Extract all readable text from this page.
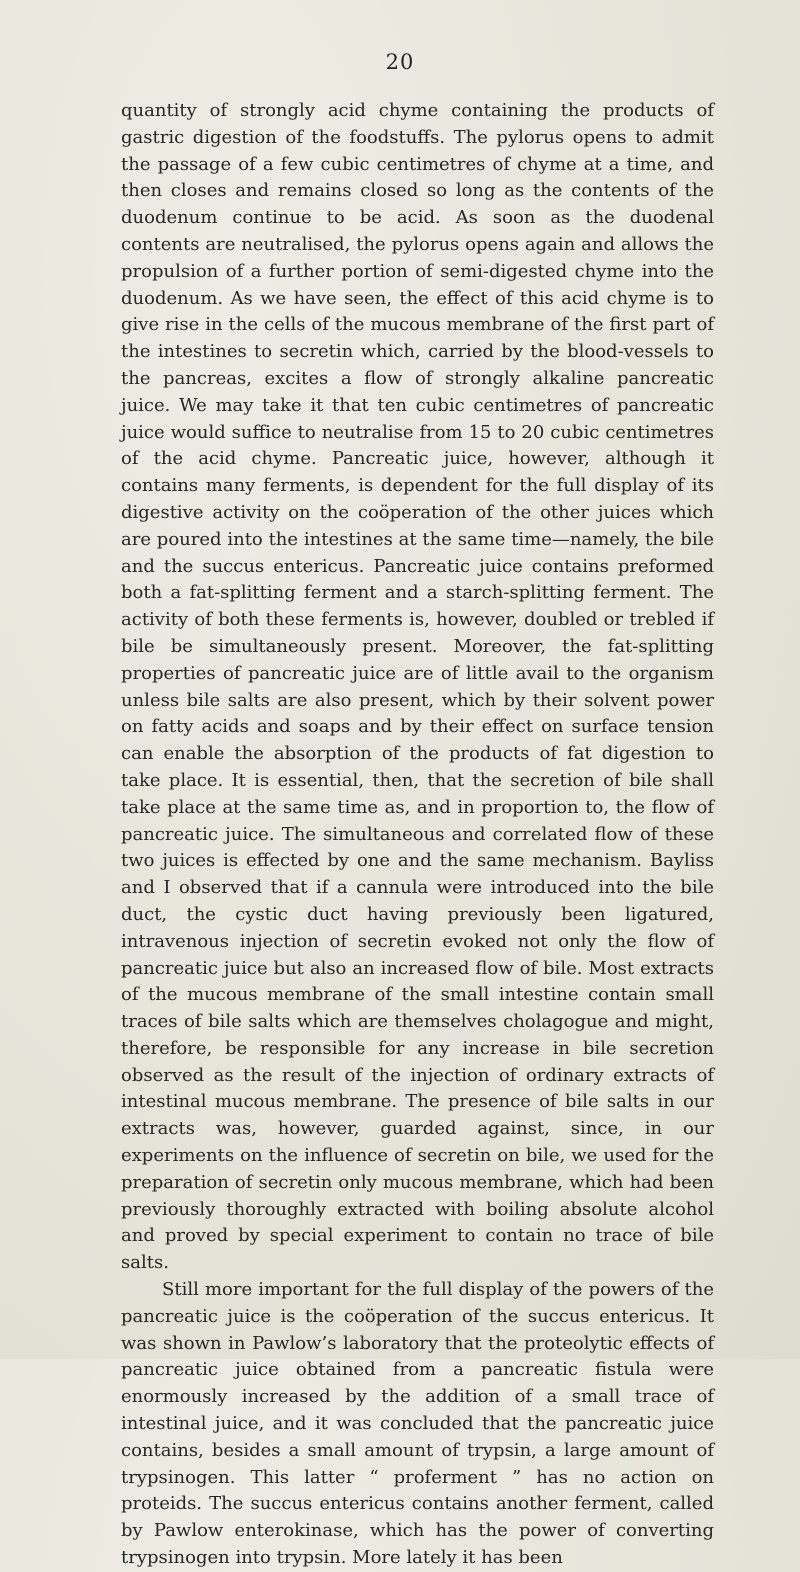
20

quantity of strongly acid chyme containing the products of gastric digestion of the foodstuffs. The pylorus opens to admit the passage of a few cubic centimetres of chyme at a time, and then closes and remains closed so long as the contents of the duodenum continue to be acid. As soon as the duodenal contents are neutralised, the pylorus opens again and allows the propulsion of a further portion of semi-digested chyme into the duodenum. As we have seen, the effect of this acid chyme is to give rise in the cells of the mucous membrane of the first part of the intestines to secretin which, carried by the blood-vessels to the pancreas, excites a flow of strongly alkaline pancreatic juice. We may take it that ten cubic centimetres of pancreatic juice would suffice to neutralise from 15 to 20 cubic centimetres of the acid chyme. Pancreatic juice, however, although it contains many ferments, is dependent for the full display of its digestive activity on the coöperation of the other juices which are poured into the intestines at the same time—namely, the bile and the succus entericus. Pancreatic juice contains preformed both a fat-splitting ferment and a starch-splitting ferment. The activity of both these ferments is, however, doubled or trebled if bile be simultaneously present. Moreover, the fat-splitting properties of pancreatic juice are of little avail to the organism unless bile salts are also present, which by their solvent power on fatty acids and soaps and by their effect on surface tension can enable the absorption of the products of fat digestion to take place. It is essential, then, that the secretion of bile shall take place at the same time as, and in proportion to, the flow of pancreatic juice. The simultaneous and correlated flow of these two juices is effected by one and the same mechanism. Bayliss and I observed that if a cannula were introduced into the bile duct, the cystic duct having previously been ligatured, intravenous injection of secretin evoked not only the flow of pancreatic juice but also an increased flow of bile. Most extracts of the mucous membrane of the small intestine contain small traces of bile salts which are themselves cholagogue and might, therefore, be responsible for any increase in bile secretion observed as the result of the injection of ordinary extracts of intestinal mucous membrane. The presence of bile salts in our extracts was, however, guarded against, since, in our experiments on the influence of secretin on bile, we used for the preparation of secretin only mucous membrane, which had been previously thoroughly extracted with boiling absolute alcohol and proved by special experiment to contain no trace of bile salts.

Still more important for the full display of the powers of the pancreatic juice is the coöperation of the succus entericus. It was shown in Pawlow’s laboratory that the proteolytic effects of pancreatic juice obtained from a pancreatic fistula were enormously increased by the addition of a small trace of intestinal juice, and it was concluded that the pancreatic juice contains, besides a small amount of trypsin, a large amount of trypsinogen. This latter “ proferment ” has no action on proteids. The succus entericus contains another ferment, called by Pawlow enterokinase, which has the power of converting trypsinogen into trypsin. More lately it has been
